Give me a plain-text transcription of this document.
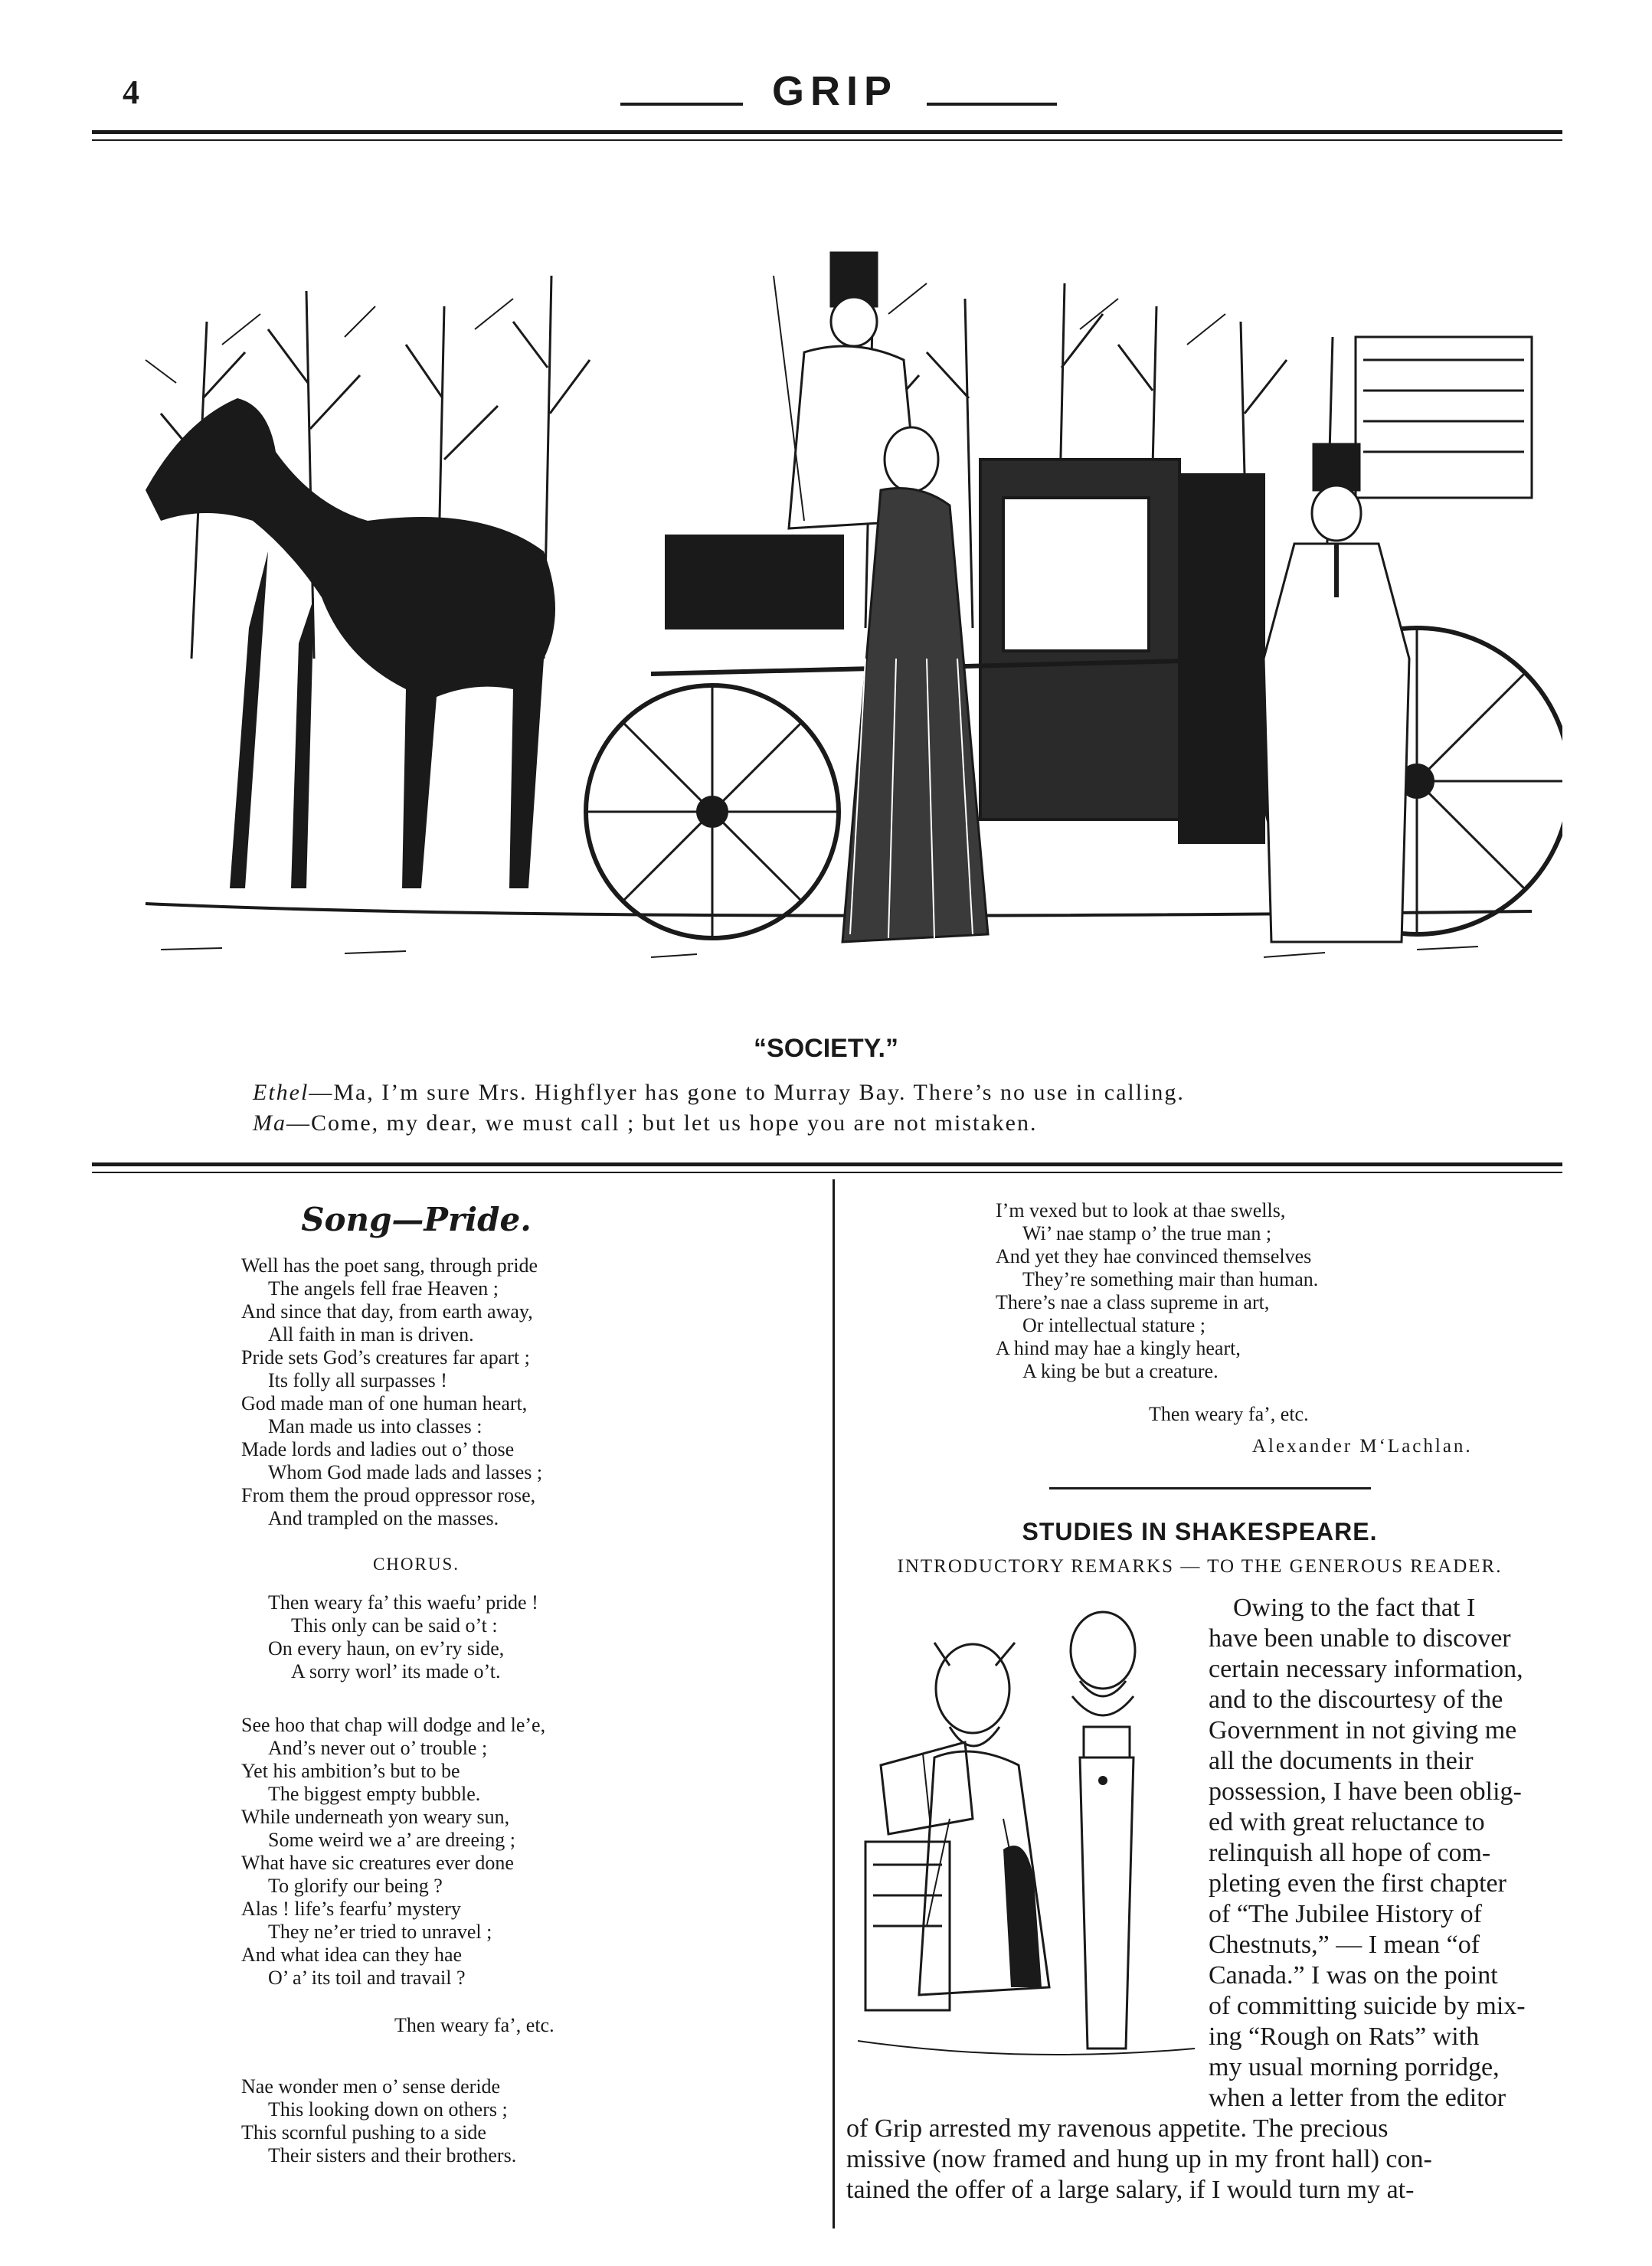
4	GRIP
“SOCIETY.”
Ethel—Ma, I’m sure Mrs. Highflyer has gone to Murray Bay. There’s no use in calling.
Ma—Come, my dear, we must call ; but let us hope you are not mistaken.
Song—Pride.
Well has the poet sang, through pride
The angels fell frae Heaven ;
And since that day, from earth away,
All faith in man is driven.
Pride sets God’s creatures far apart ;
Its folly all surpasses !
God made man of one human heart,
Man made us into classes :
Made lords and ladies out o’ those
Whom God made lads and lasses ;
From them the proud oppressor rose,
And trampled on the masses.
CHORUS.
Then weary fa’ this waefu’ pride !
This only can be said o’t :
On every haun, on ev’ry side,
A sorry worl’ its made o’t.
See hoo that chap will dodge and le’e,
And’s never out o’ trouble ;
Yet his ambition’s but to be
The biggest empty bubble.
While underneath yon weary sun,
Some weird we a’ are dreeing ;
What have sic creatures ever done
To glorify our being ?
Alas ! life’s fearfu’ mystery
They ne’er tried to unravel ;
And what idea can they hae
O’ a’ its toil and travail ?
Then weary fa’, etc.
Nae wonder men o’ sense deride
This looking down on others ;
This scornful pushing to a side
Their sisters and their brothers.
I’m vexed but to look at thae swells,
Wi’ nae stamp o’ the true man ;
And yet they hae convinced themselves
They’re something mair than human.
There’s nae a class supreme in art,
Or intellectual stature ;
A hind may hae a kingly heart,
A king be but a creature.
Then weary fa’, etc.
Alexander M‘Lachlan.
STUDIES IN SHAKESPEARE.
INTRODUCTORY REMARKS — TO THE GENEROUS READER.
Owing to the fact that I
have been unable to discover
certain necessary information,
and to the discourtesy of the
Government in not giving me
all the documents in their
possession, I have been oblig-
ed with great reluctance to
relinquish all hope of com-
pleting even the first chapter
of “The Jubilee History of
Chestnuts,” — I mean “of
Canada.” I was on the point
of committing suicide by mix-
ing “Rough on Rats” with
my usual morning porridge,
when a letter from the editor
of Grip arrested my ravenous appetite. The precious
missive (now framed and hung up in my front hall) con-
tained the offer of a large salary, if I would turn my at-
